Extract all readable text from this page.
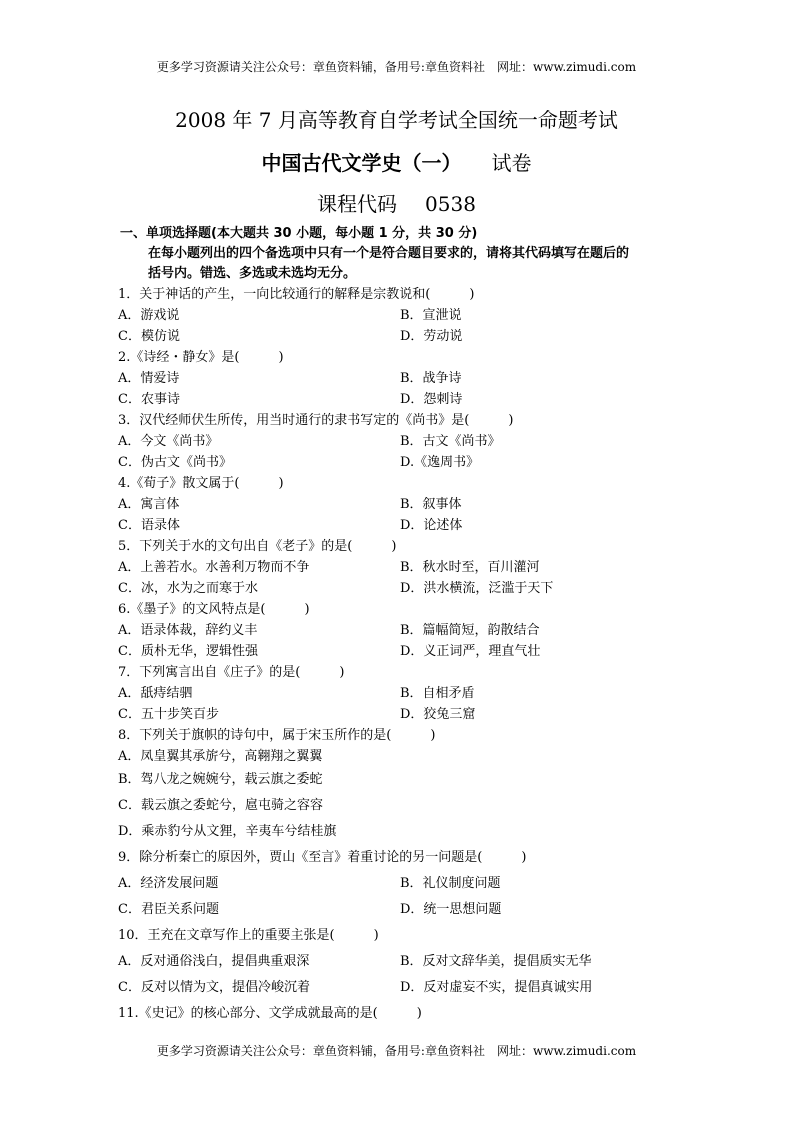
更多学习资源请关注公众号：章鱼资料铺，备用号:章鱼资料社　网址：www.zimudi.com
2008 年 7 月高等教育自学考试全国统一命题考试
中国古代文学史（一） 试卷
课程代码 0538
一、单项选择题(本大题共 30 小题，每小题 1 分，共 30 分)
在每小题列出的四个备选项中只有一个是符合题目要求的，请将其代码填写在题后的
括号内。错选、多选或未选均无分。
1．关于神话的产生，一向比较通行的解释是宗教说和(　　　)
A．游戏说	B．宣泄说
C．模仿说	D．劳动说
2.《诗经・静女》是(　　　)
A．情爱诗	B．战争诗
C．农事诗	D．怨刺诗
3．汉代经师伏生所传，用当时通行的隶书写定的《尚书》是(　　　)
A．今文《尚书》	B．古文《尚书》
C．伪古文《尚书》	D.《逸周书》
4.《荀子》散文属于(　　　)
A．寓言体	B．叙事体
C．语录体	D．论述体
5．下列关于水的文句出自《老子》的是(　　　)
A．上善若水。水善利万物而不争	B．秋水时至，百川灌河
C．冰，水为之而寒于水	D．洪水横流，泛滥于天下
6.《墨子》的文风特点是(　　　)
A．语录体裁，辞约义丰	B．篇幅简短，韵散结合
C．质朴无华，逻辑性强	D．义正词严，理直气壮
7．下列寓言出自《庄子》的是(　　　)
A．舐痔结驷	B．自相矛盾
C．五十步笑百步	D．狡兔三窟
8．下列关于旗帜的诗句中，属于宋玉所作的是(　　　)
A．凤皇翼其承旂兮，高翱翔之翼翼
B．驾八龙之婉婉兮，载云旗之委蛇
C．载云旗之委蛇兮，扈屯骑之容容
D．乘赤豹兮从文狸，辛夷车兮结桂旗
9．除分析秦亡的原因外，贾山《至言》着重讨论的另一问题是(　　　)
A．经济发展问题	B．礼仪制度问题
C．君臣关系问题	D．统一思想问题
10．王充在文章写作上的重要主张是(　　　)
A．反对通俗浅白，提倡典重艰深	B．反对文辞华美，提倡质实无华
C．反对以情为文，提倡冷峻沉着	D．反对虚妄不实，提倡真诚实用
11.《史记》的核心部分、文学成就最高的是(　　　)
更多学习资源请关注公众号：章鱼资料铺，备用号:章鱼资料社　网址：www.zimudi.com
